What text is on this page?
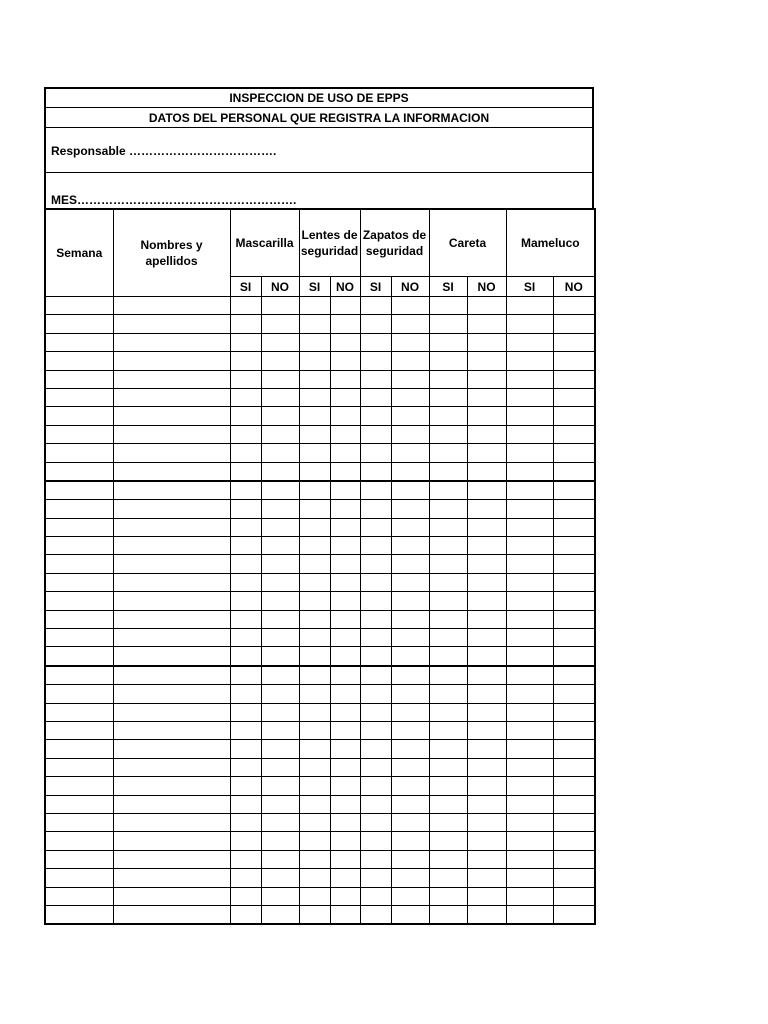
INSPECCION DE USO DE EPPS
DATOS DEL PERSONAL QUE REGISTRA LA INFORMACION
Responsable ……………………………….
MES……………………………………………….
Semana	Nombres y apellidos	Mascarilla		Lentes de seguridad		Zapatos de seguridad		Careta		Mameluco	
		SI	NO	SI	NO	SI	NO	SI	NO	SI	NO
